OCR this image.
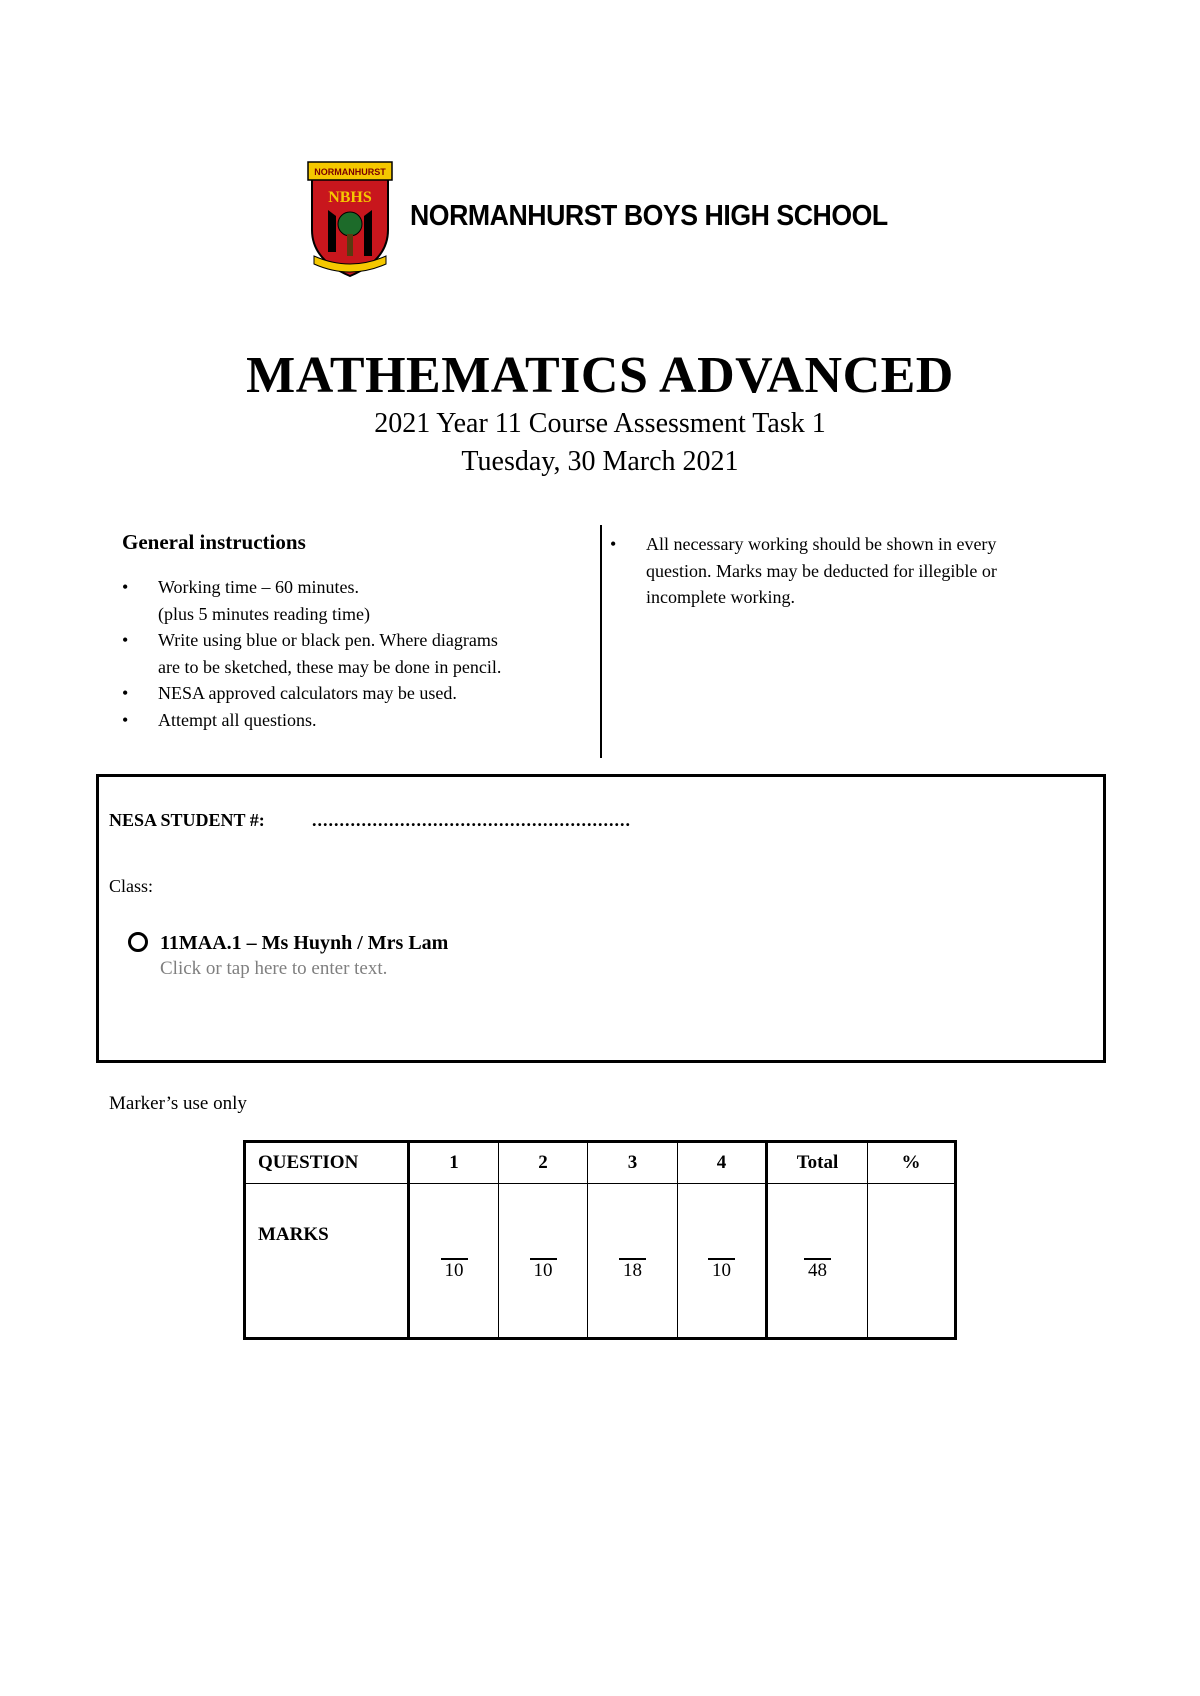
NORMANHURST
NBHS
NORMANHURST BOYS HIGH SCHOOL
MATHEMATICS ADVANCED
2021 Year 11 Course Assessment Task 1
Tuesday, 30 March 2021
General instructions
• Working time – 60 minutes.
(plus 5 minutes reading time)
• Write using blue or black pen. Where diagrams
are to be sketched, these may be done in pencil.
• NESA approved calculators may be used.
• Attempt all questions.
• All necessary working should be shown in every
question. Marks may be deducted for illegible or
incomplete working.
NESA STUDENT #:	..........................................................
Class:
11MAA.1 – Ms Huynh / Mrs Lam
Click or tap here to enter text.
Marker’s use only
QUESTION	1	2	3	4	Total	%
MARKS	10	10	18	10	48	
